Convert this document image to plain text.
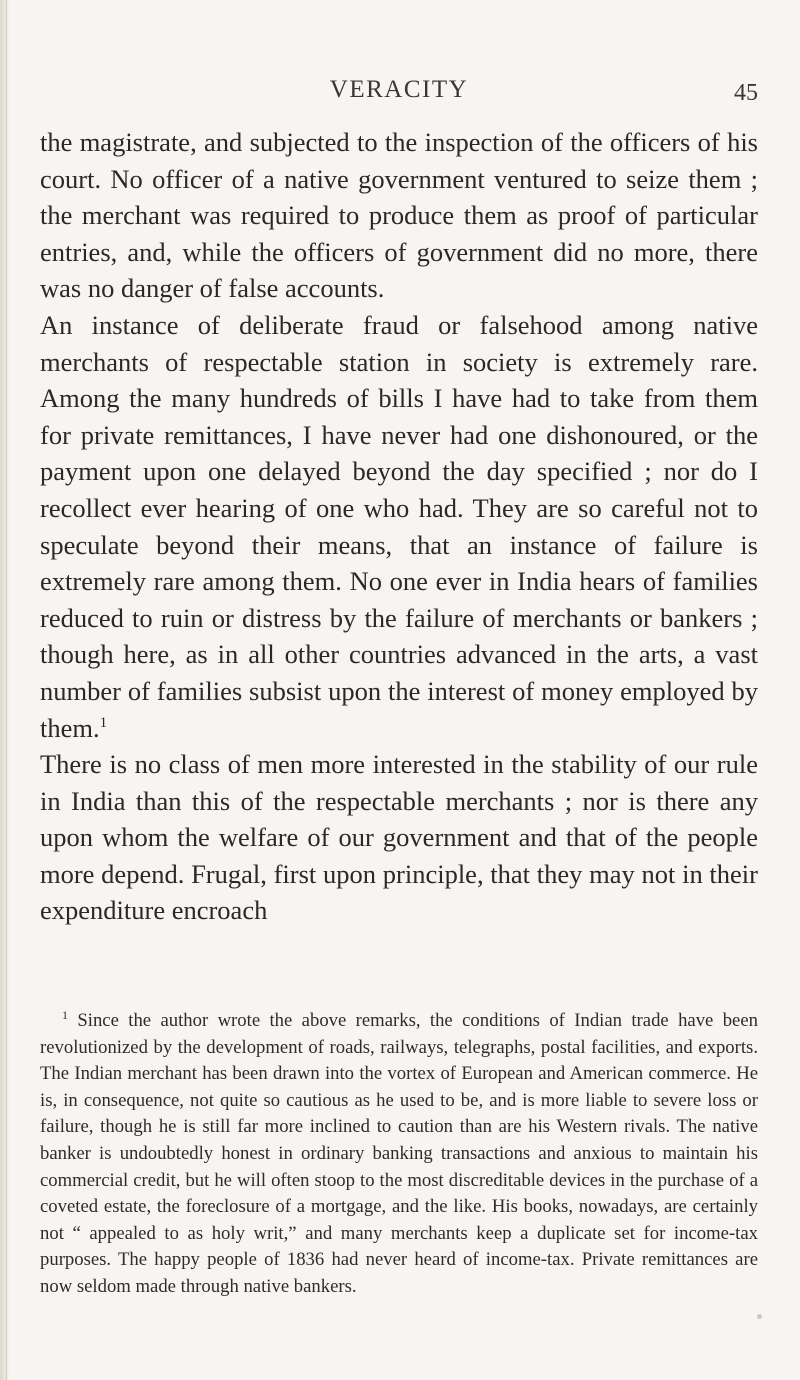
VERACITY	45

the magistrate, and subjected to the inspection of the officers of his court. No officer of a native government ventured to seize them ; the merchant was required to produce them as proof of particular entries, and, while the officers of government did no more, there was no danger of false accounts.

An instance of deliberate fraud or falsehood among native merchants of respectable station in society is extremely rare. Among the many hundreds of bills I have had to take from them for private remittances, I have never had one dishonoured, or the payment upon one delayed beyond the day specified ; nor do I recollect ever hearing of one who had. They are so careful not to speculate beyond their means, that an instance of failure is extremely rare among them. No one ever in India hears of families reduced to ruin or distress by the failure of merchants or bankers ; though here, as in all other countries advanced in the arts, a vast number of families subsist upon the interest of money employed by them.$^1$

There is no class of men more interested in the stability of our rule in India than this of the respectable merchants ; nor is there any upon whom the welfare of our government and that of the people more depend. Frugal, first upon principle, that they may not in their expenditure encroach

$^1$ Since the author wrote the above remarks, the conditions of Indian trade have been revolutionized by the development of roads, railways, telegraphs, postal facilities, and exports. The Indian merchant has been drawn into the vortex of European and American commerce. He is, in consequence, not quite so cautious as he used to be, and is more liable to severe loss or failure, though he is still far more inclined to caution than are his Western rivals. The native banker is undoubtedly honest in ordinary banking transactions and anxious to maintain his commercial credit, but he will often stoop to the most discreditable devices in the purchase of a coveted estate, the foreclosure of a mortgage, and the like. His books, nowadays, are certainly not “ appealed to as holy writ,” and many merchants keep a duplicate set for income-tax purposes. The happy people of 1836 had never heard of income-tax. Private remittances are now seldom made through native bankers.
